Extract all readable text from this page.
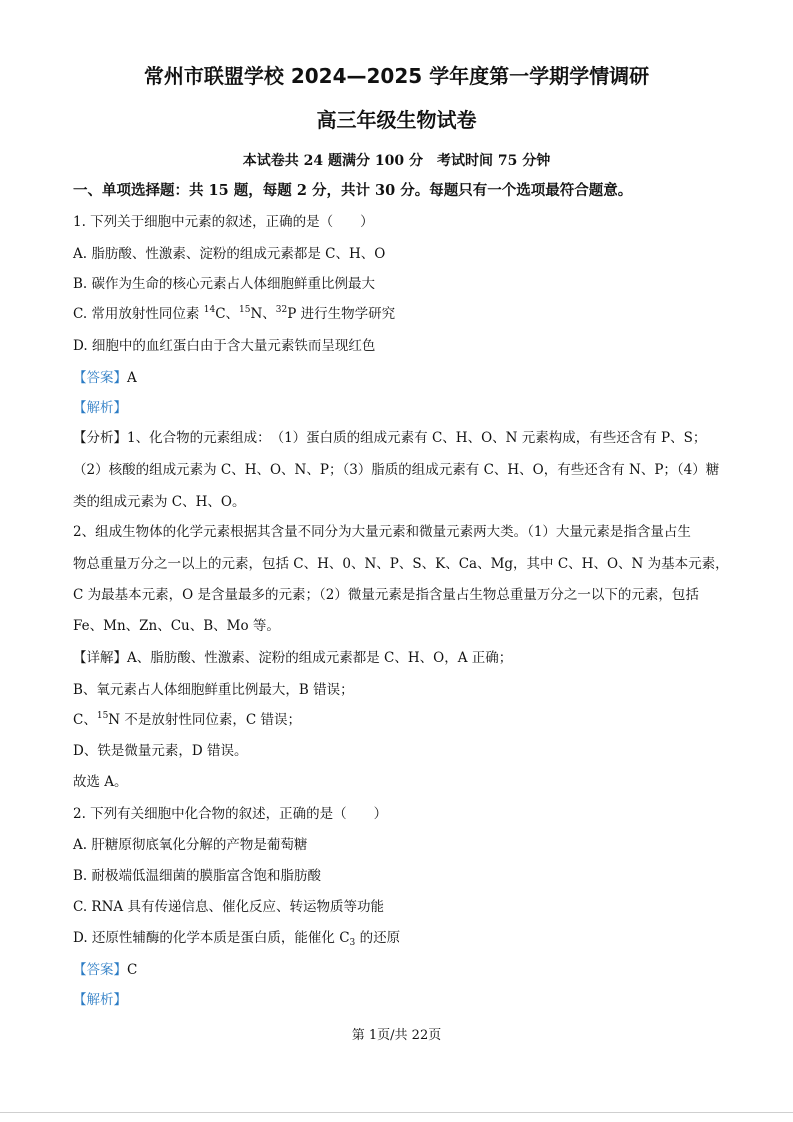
常州市联盟学校 2024—2025 学年度第一学期学情调研
高三年级生物试卷
本试卷共 24 题满分 100 分　考试时间 75 分钟
一、单项选择题：共 15 题，每题 2 分，共计 30 分。每题只有一个选项最符合题意。
1. 下列关于细胞中元素的叙述，正确的是（　　）
A. 脂肪酸、性激素、淀粉的组成元素都是 C、H、O
B. 碳作为生命的核心元素占人体细胞鲜重比例最大
C. 常用放射性同位素 $^{14}$C、$^{15}$N、$^{32}$P 进行生物学研究
D. 细胞中的血红蛋白由于含大量元素铁而呈现红色
【答案】A
【解析】
【分析】1、化合物的元素组成：　（1）蛋白质的组成元素有 C、H、O、N 元素构成，有些还含有 P、S；
（2）核酸的组成元素为 C、H、O、N、P；（3）脂质的组成元素有 C、H、O，有些还含有 N、P；（4）糖
类的组成元素为 C、H、O。
2、组成生物体的化学元素根据其含量不同分为大量元素和微量元素两大类。（1）大量元素是指含量占生
物总重量万分之一以上的元素，包括 C、H、0、N、P、S、K、Ca、Mg，其中 C、H、O、N 为基本元素，
C 为最基本元素，O 是含量最多的元素；（2）微量元素是指含量占生物总重量万分之一以下的元素，包括
Fe、Mn、Zn、Cu、B、Mo 等。
【详解】A、脂肪酸、性激素、淀粉的组成元素都是 C、H、O，A 正确；
B、氧元素占人体细胞鲜重比例最大，B 错误；
C、$^{15}$N 不是放射性同位素，C 错误；
D、铁是微量元素，D 错误。
故选 A。
2. 下列有关细胞中化合物的叙述，正确的是（　　）
A. 肝糖原彻底氧化分解的产物是葡萄糖
B. 耐极端低温细菌的膜脂富含饱和脂肪酸
C. RNA 具有传递信息、催化反应、转运物质等功能
D. 还原性辅酶的化学本质是蛋白质，能催化 $C_3$ 的还原
【答案】C
【解析】
第 1页/共 22页
